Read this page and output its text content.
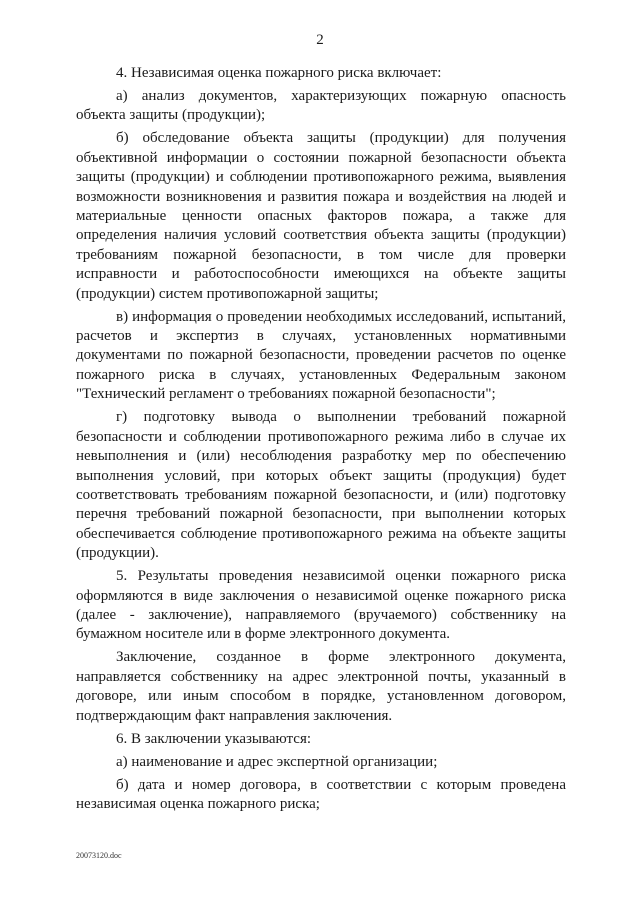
2

4. Независимая оценка пожарного риска включает:

а) анализ документов, характеризующих пожарную опасность объекта защиты (продукции);

б) обследование объекта защиты (продукции) для получения объективной информации о состоянии пожарной безопасности объекта защиты (продукции) и соблюдении противопожарного режима, выявления возможности возникновения и развития пожара и воздействия на людей и материальные ценности опасных факторов пожара, а также для определения наличия условий соответствия объекта защиты (продукции) требованиям пожарной безопасности, в том числе для проверки исправности и работоспособности имеющихся на объекте защиты (продукции) систем противопожарной защиты;

в) информация о проведении необходимых исследований, испытаний, расчетов и экспертиз в случаях, установленных нормативными документами по пожарной безопасности, проведении расчетов по оценке пожарного риска в случаях, установленных Федеральным законом "Технический регламент о требованиях пожарной безопасности";

г) подготовку вывода о выполнении требований пожарной безопасности и соблюдении противопожарного режима либо в случае их невыполнения и (или) несоблюдения разработку мер по обеспечению выполнения условий, при которых объект защиты (продукция) будет соответствовать требованиям пожарной безопасности, и (или) подготовку перечня требований пожарной безопасности, при выполнении которых обеспечивается соблюдение противопожарного режима на объекте защиты (продукции).

5. Результаты проведения независимой оценки пожарного риска оформляются в виде заключения о независимой оценке пожарного риска (далее - заключение), направляемого (вручаемого) собственнику на бумажном носителе или в форме электронного документа.

Заключение, созданное в форме электронного документа, направляется собственнику на адрес электронной почты, указанный в договоре, или иным способом в порядке, установленном договором, подтверждающим факт направления заключения.

6. В заключении указываются:

а) наименование и адрес экспертной организации;

б) дата и номер договора, в соответствии с которым проведена независимая оценка пожарного риска;

20073120.doc
